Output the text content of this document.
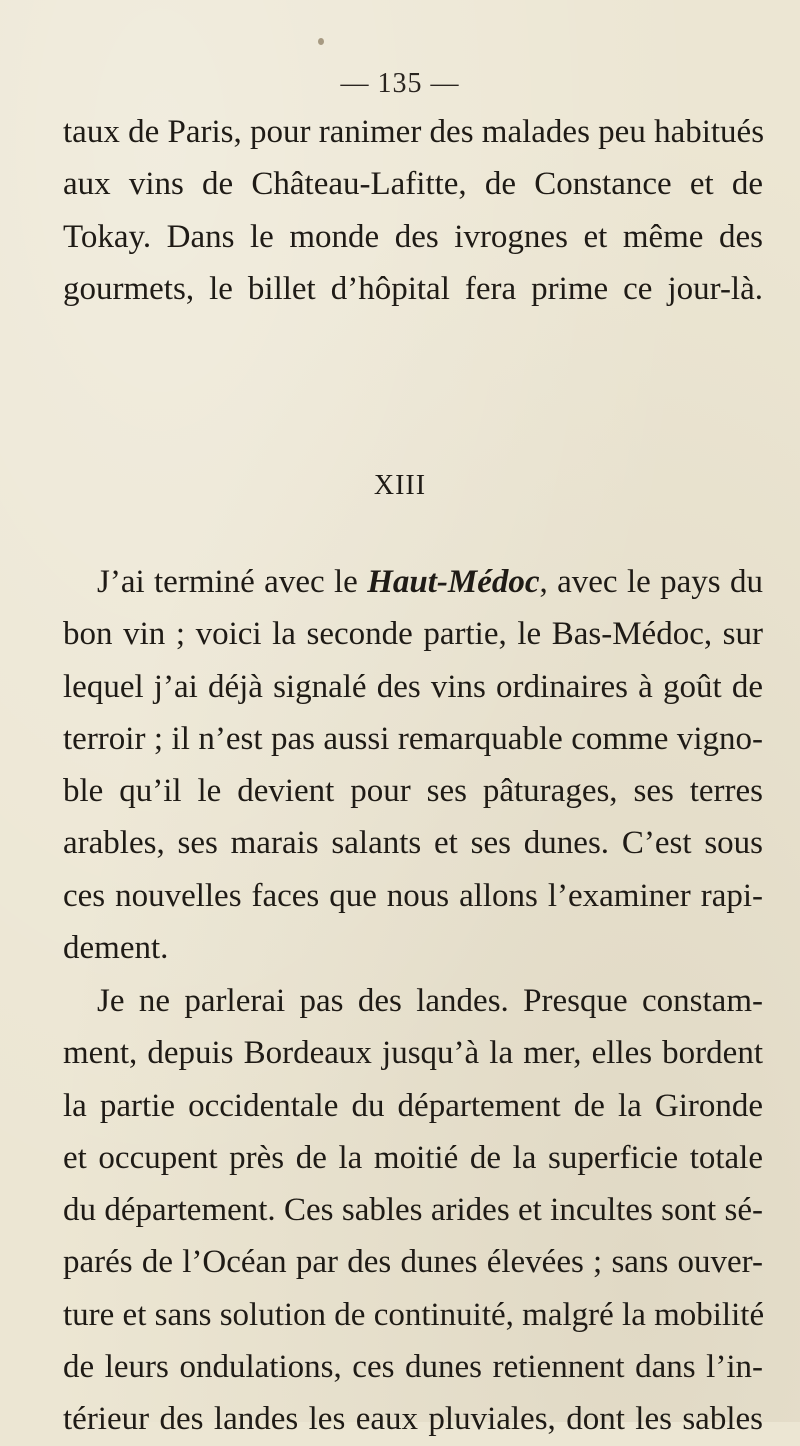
— 135 —
taux de Paris, pour ranimer des malades peu habitués
aux vins de Château-Lafitte, de Constance et de
Tokay. Dans le monde des ivrognes et même des
gourmets, le billet d’hôpital fera prime ce jour-là.
XIII
J’ai terminé avec le Haut-Médoc, avec le pays du
bon vin ; voici la seconde partie, le Bas-Médoc, sur
lequel j’ai déjà signalé des vins ordinaires à goût de
terroir ; il n’est pas aussi remarquable comme vigno-
ble qu’il le devient pour ses pâturages, ses terres
arables, ses marais salants et ses dunes. C’est sous
ces nouvelles faces que nous allons l’examiner rapi-
dement.
Je ne parlerai pas des landes. Presque constam-
ment, depuis Bordeaux jusqu’à la mer, elles bordent
la partie occidentale du département de la Gironde
et occupent près de la moitié de la superficie totale
du département. Ces sables arides et incultes sont sé-
parés de l’Océan par des dunes élevées ; sans ouver-
ture et sans solution de continuité, malgré la mobilité
de leurs ondulations, ces dunes retiennent dans l’in-
térieur des landes les eaux pluviales, dont les sables
